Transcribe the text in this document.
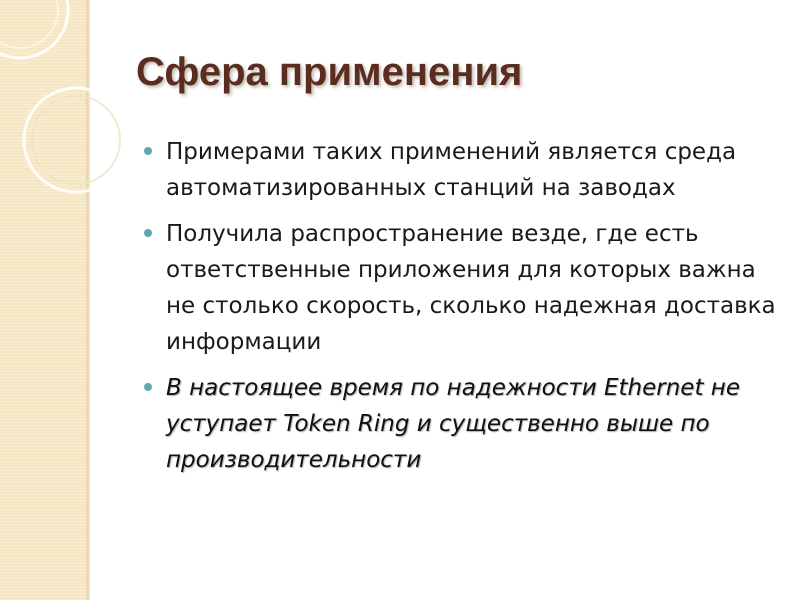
Сфера применения
Примерами таких применений является среда автоматизированных станций на заводах
Получила распространение везде, где есть ответственные приложения для которых важна не столько скорость, сколько надежная доставка информации
В настоящее время по надежности Ethernet не уступает Token Ring и существенно выше по производительности
